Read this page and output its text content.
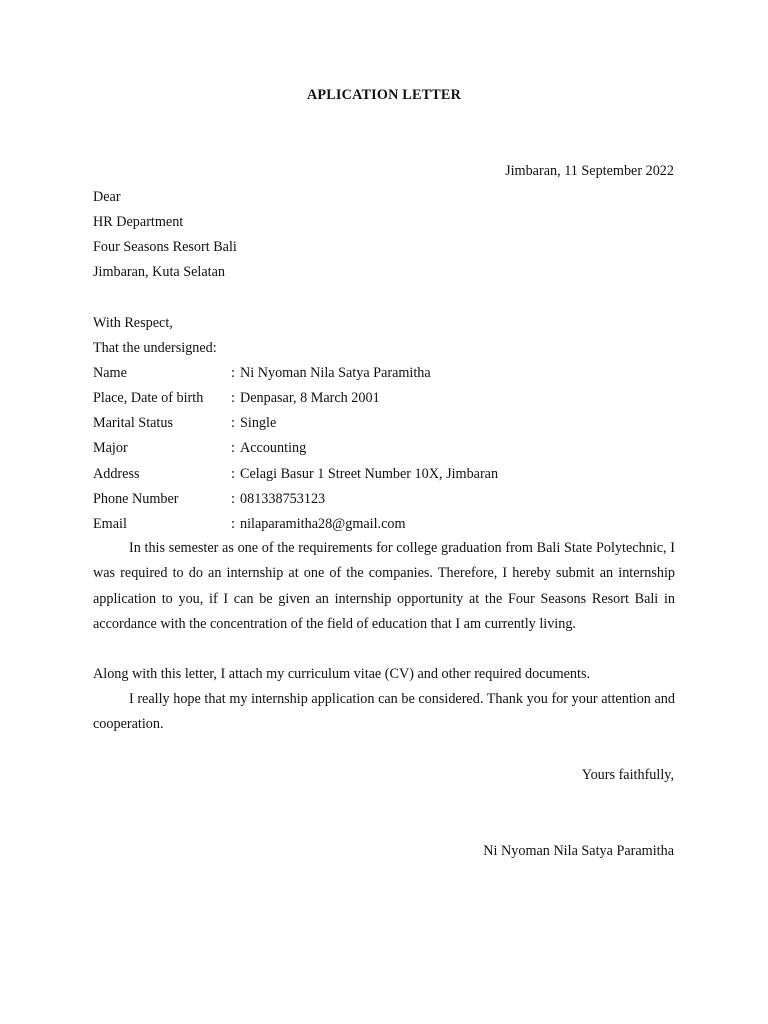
APLICATION LETTER
Jimbaran, 11 September 2022
Dear
HR Department
Four Seasons Resort Bali
Jimbaran, Kuta Selatan
With Respect,
That the undersigned:
Name	: Ni Nyoman Nila Satya Paramitha
Place, Date of birth : Denpasar, 8 March 2001
Marital Status	: Single
Major	: Accounting
Address	: Celagi Basur 1 Street Number 10X, Jimbaran
Phone Number	: 081338753123
Email	: nilaparamitha28@gmail.com

In this semester as one of the requirements for college graduation from Bali State Polytechnic, I was required to do an internship at one of the companies. Therefore, I hereby submit an internship application to you, if I can be given an internship opportunity at the Four Seasons Resort Bali in accordance with the concentration of the field of education that I am currently living.

Along with this letter, I attach my curriculum vitae (CV) and other required documents.

I really hope that my internship application can be considered. Thank you for your attention and cooperation.

Yours faithfully,
Ni Nyoman Nila Satya Paramitha
